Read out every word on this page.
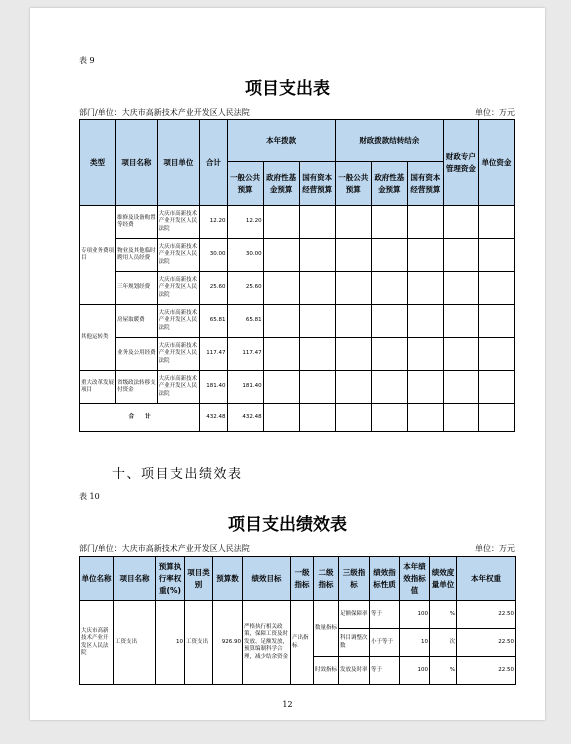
表 9
项目支出表
部门/单位：大庆市高新技术产业开发区人民法院	单位：万元
类型	项目名称	项目单位	合计	本年拨款			财政拨款结转结余			财政专户管理资金	单位资金
				一般公共预算	政府性基金预算	国有资本经营预算	一般公共预算	政府性基金预算	国有资本经营预算		
专项业务费项目	维修及设备购置等经费	大庆市高新技术产业开发区人民法院	12.20	12.20							
	物业及其他临时聘用人员经费	大庆市高新技术产业开发区人民法院	30.00	30.00							
	三年规划经费	大庆市高新技术产业开发区人民法院	25.60	25.60							
其他运转类	房屋取暖费	大庆市高新技术产业开发区人民法院	65.81	65.81							
	业务及公用经费	大庆市高新技术产业开发区人民法院	117.47	117.47							
重大改革发展项目	省级政法转移支付资金	大庆市高新技术产业开发区人民法院	181.40	181.40							
合　　计			432.48	432.48							
十、项目支出绩效表
表 10
项目支出绩效表
部门/单位：大庆市高新技术产业开发区人民法院	单位：万元
单位名称	项目名称	预算执行率权重(%)	项目类别	预算数	绩效目标	一级指标	二级指标	三级指标	绩效指标性质	本年绩效指标值	绩效度量单位	本年权重
大庆市高新技术产业开发区人民法院	工资支出	10	工资支出	926.90	严格执行相关政策，保障工资及时发放、足额发放，预算编制科学合理，减少结余资金	产出指标	数量指标	足额保障率	等于	100	%	22.50
								科目调整次数	小于等于	10	次	22.50
							时效指标	发放及时率	等于	100	%	22.50
12
